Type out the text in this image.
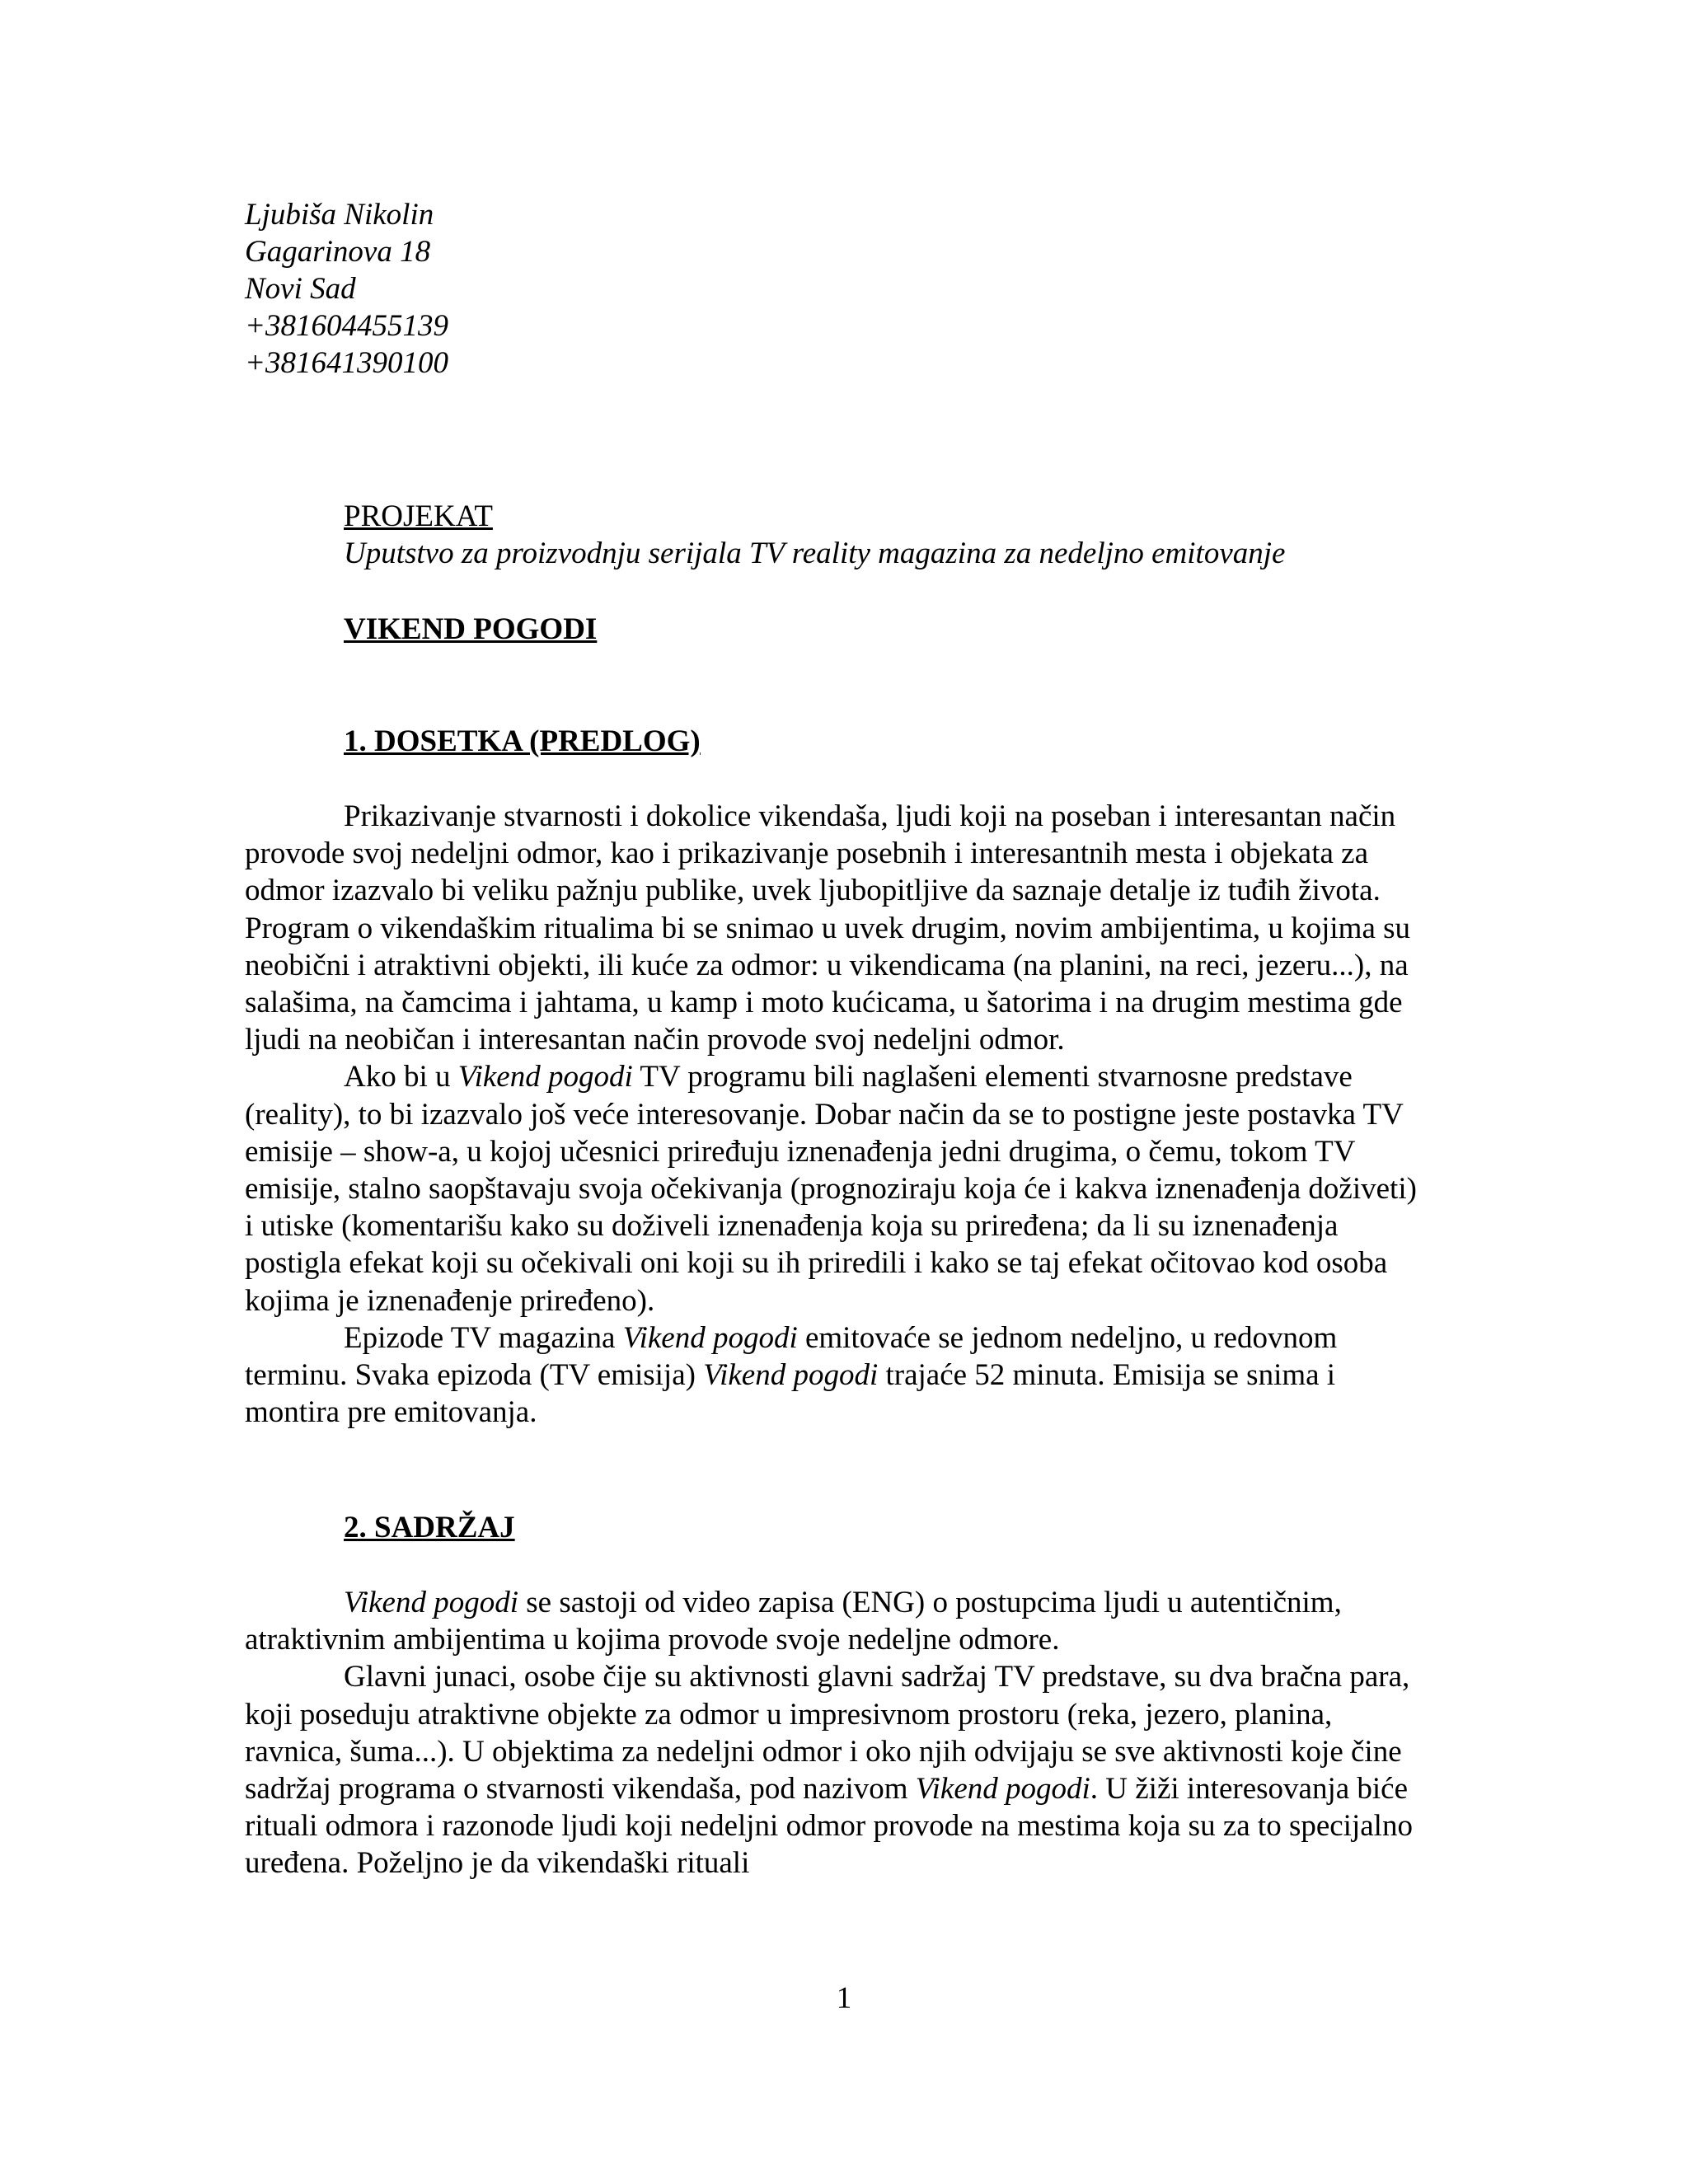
Ljubiša Nikolin
Gagarinova 18
Novi Sad
+381604455139
+381641390100
PROJEKAT
Uputstvo za proizvodnju serijala TV reality magazina za nedeljno emitovanje
VIKEND POGODI
1. DOSETKA (PREDLOG)

Prikazivanje stvarnosti i dokolice vikendaša, ljudi koji na poseban i interesantan način provode svoj nedeljni odmor, kao i prikazivanje posebnih i interesantnih mesta i objekata za odmor izazvalo bi veliku pažnju publike, uvek ljubopitljive da saznaje detalje iz tuđih života. Program o vikendaškim ritualima bi se snimao u uvek drugim, novim ambijentima, u kojima su neobični i atraktivni objekti, ili kuće za odmor: u vikendicama (na planini, na reci, jezeru...), na salašima, na čamcima i jahtama, u kamp i moto kućicama, u šatorima i na drugim mestima gde ljudi na neobičan i interesantan način provode svoj nedeljni odmor.

Ako bi u Vikend pogodi TV programu bili naglašeni elementi stvarnosne predstave (reality), to bi izazvalo još veće interesovanje. Dobar način da se to postigne jeste postavka TV emisije – show-a, u kojoj učesnici priređuju iznenađenja jedni drugima, o čemu, tokom TV emisije, stalno saopštavaju svoja očekivanja (prognoziraju koja će i kakva iznenađenja doživeti) i utiske (komentarišu kako su doživeli iznenađenja koja su priređena; da li su iznenađenja postigla efekat koji su očekivali oni koji su ih priredili i kako se taj efekat očitovao kod osoba kojima je iznenađenje priređeno).

Epizode TV magazina Vikend pogodi emitovaće se jednom nedeljno, u redovnom terminu. Svaka epizoda (TV emisija) Vikend pogodi trajaće 52 minuta. Emisija se snima i montira pre emitovanja.

2. SADRŽAJ

Vikend pogodi se sastoji od video zapisa (ENG) o postupcima ljudi u autentičnim, atraktivnim ambijentima u kojima provode svoje nedeljne odmore.

Glavni junaci, osobe čije su aktivnosti glavni sadržaj TV predstave, su dva bračna para, koji poseduju atraktivne objekte za odmor u impresivnom prostoru (reka, jezero, planina, ravnica, šuma...). U objektima za nedeljni odmor i oko njih odvijaju se sve aktivnosti koje čine sadržaj programa o stvarnosti vikendaša, pod nazivom Vikend pogodi. U žiži interesovanja biće rituali odmora i razonode ljudi koji nedeljni odmor provode na mestima koja su za to specijalno uređena. Poželjno je da vikendaški rituali

1
